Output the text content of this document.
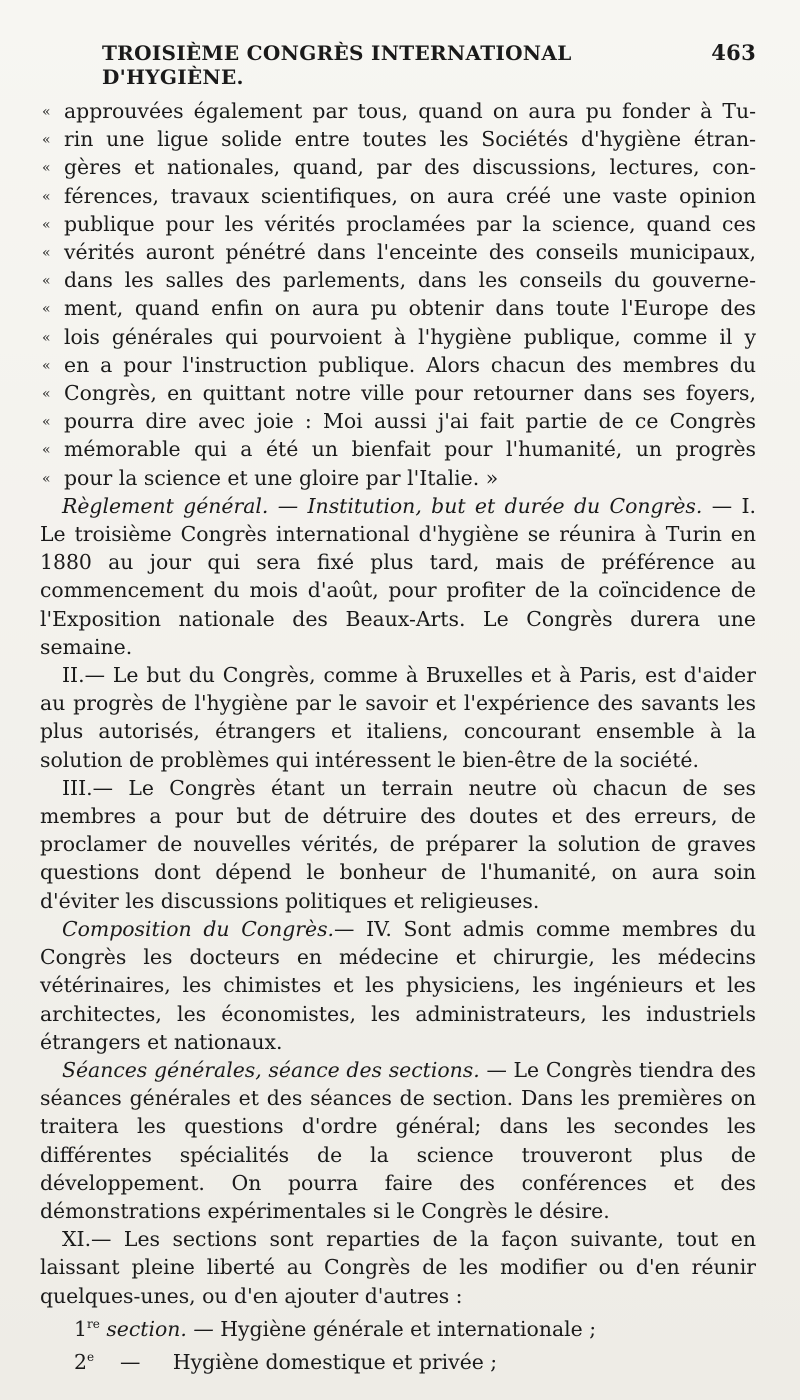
TROISIÈME CONGRÈS INTERNATIONAL D'HYGIÈNE.
463
« approuvées également par tous, quand on aura pu fonder à Tu-
« rin une ligue solide entre toutes les Sociétés d'hygiène étran-
« gères et nationales, quand, par des discussions, lectures, con-
« férences, travaux scientifiques, on aura créé une vaste opinion
« publique pour les vérités proclamées par la science, quand ces
« vérités auront pénétré dans l'enceinte des conseils municipaux,
« dans les salles des parlements, dans les conseils du gouverne-
« ment, quand enfin on aura pu obtenir dans toute l'Europe des
« lois générales qui pourvoient à l'hygiène publique, comme il y
« en a pour l'instruction publique. Alors chacun des membres du
« Congrès, en quittant notre ville pour retourner dans ses foyers,
« pourra dire avec joie : Moi aussi j'ai fait partie de ce Congrès
« mémorable qui a été un bienfait pour l'humanité, un progrès
« pour la science et une gloire par l'Italie. »

Règlement général. — Institution, but et durée du Congrès. — I. Le troisième Congrès international d'hygiène se réunira à Turin en 1880 au jour qui sera fixé plus tard, mais de préférence au commencement du mois d'août, pour profiter de la coïncidence de l'Exposition nationale des Beaux-Arts. Le Congrès durera une semaine.

II.— Le but du Congrès, comme à Bruxelles et à Paris, est d'aider au progrès de l'hygiène par le savoir et l'expérience des savants les plus autorisés, étrangers et italiens, concourant ensemble à la solution de problèmes qui intéressent le bien-être de la société.

III.— Le Congrès étant un terrain neutre où chacun de ses membres a pour but de détruire des doutes et des erreurs, de proclamer de nouvelles vérités, de préparer la solution de graves questions dont dépend le bonheur de l'humanité, on aura soin d'éviter les discussions politiques et religieuses.

Composition du Congrès.— IV. Sont admis comme membres du Congrès les docteurs en médecine et chirurgie, les médecins vétérinaires, les chimistes et les physiciens, les ingénieurs et les architectes, les économistes, les administrateurs, les industriels étrangers et nationaux.

Séances générales, séance des sections. — Le Congrès tiendra des séances générales et des séances de section. Dans les premières on traitera les questions d'ordre général; dans les secondes les différentes spécialités de la science trouveront plus de développement. On pourra faire des conférences et des démonstrations expérimentales si le Congrès le désire.

XI.— Les sections sont reparties de la façon suivante, tout en laissant pleine liberté au Congrès de les modifier ou d'en réunir quelques-unes, ou d'en ajouter d'autres :

1re section. — Hygiène générale et internationale ;
2e — Hygiène domestique et privée ;
